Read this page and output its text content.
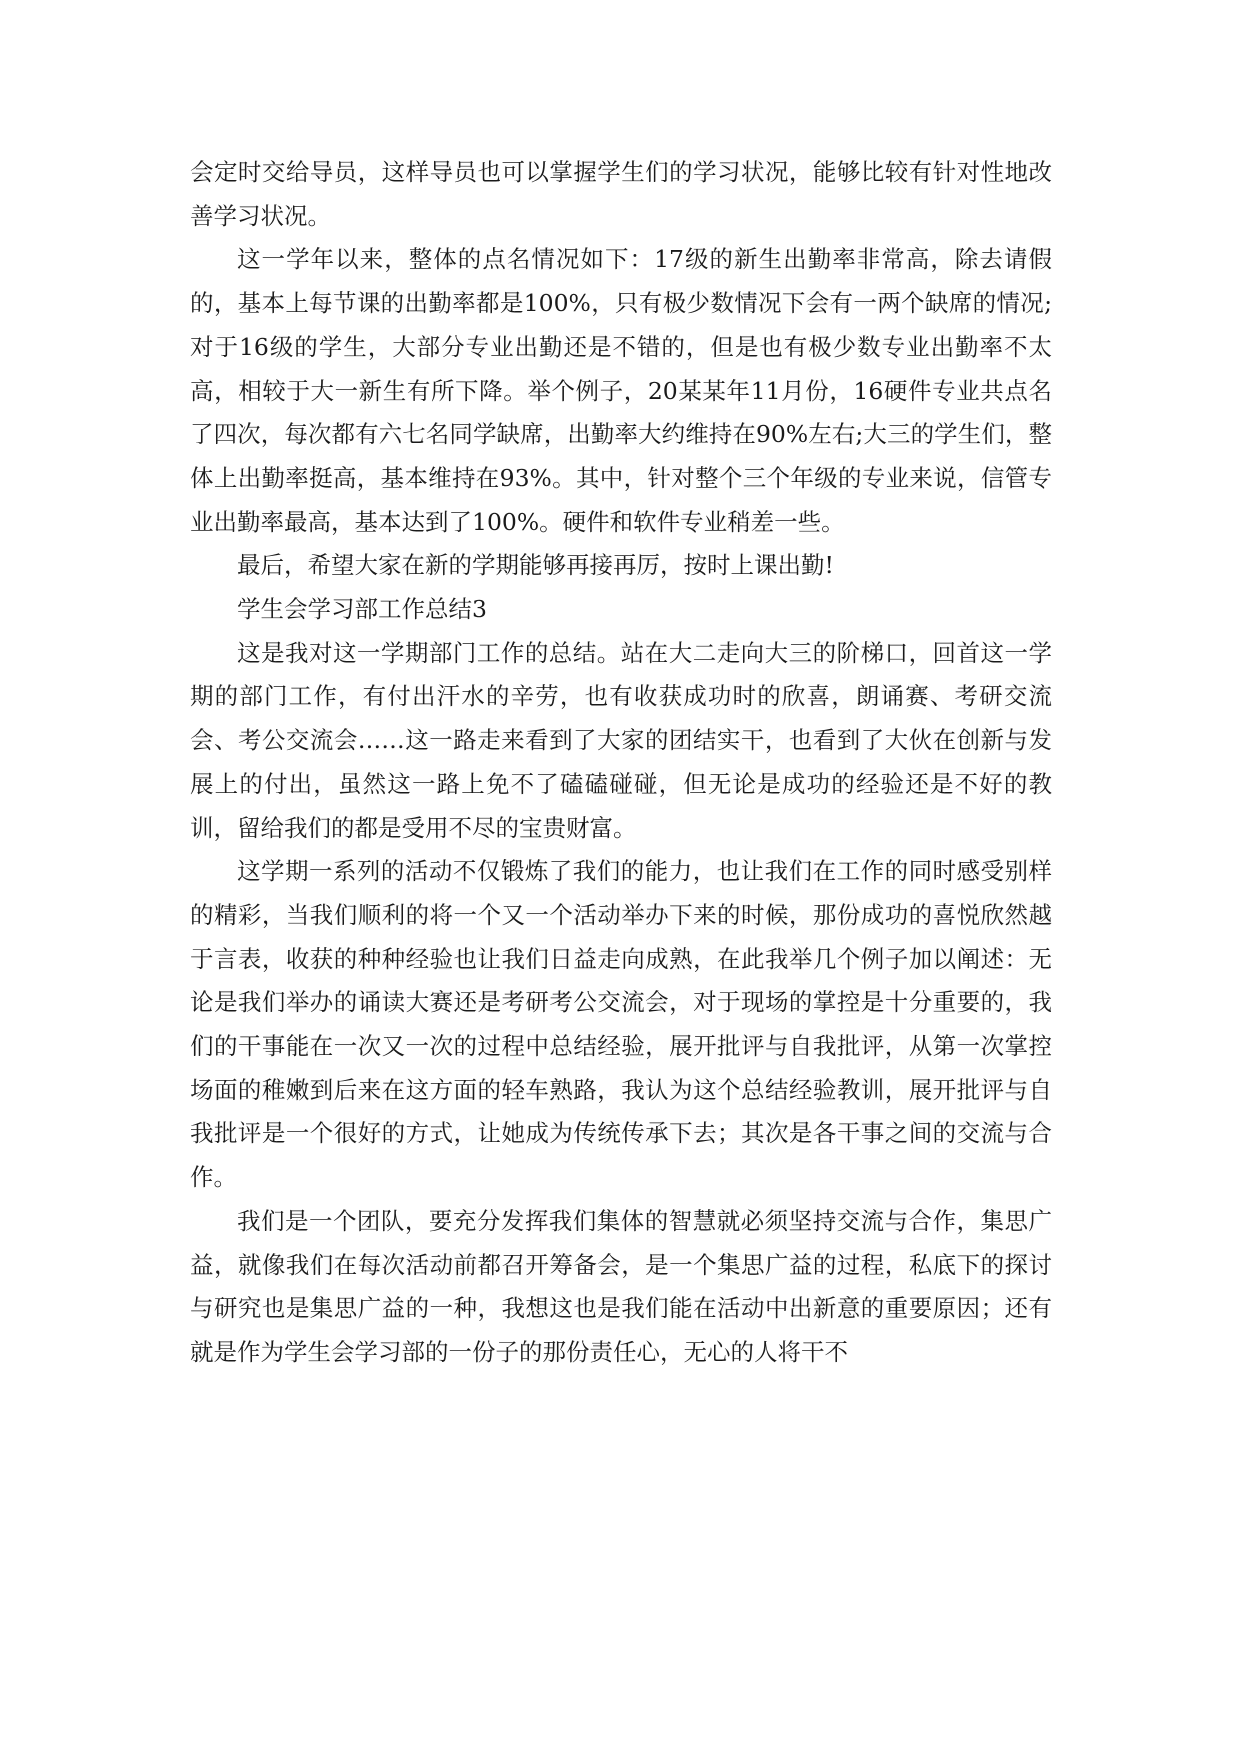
会定时交给导员，这样导员也可以掌握学生们的学习状况，能够比较有针对性地改善学习状况。

这一学年以来，整体的点名情况如下：17级的新生出勤率非常高，除去请假的，基本上每节课的出勤率都是100%，只有极少数情况下会有一两个缺席的情况;对于16级的学生，大部分专业出勤还是不错的，但是也有极少数专业出勤率不太高，相较于大一新生有所下降。举个例子，20某某年11月份，16硬件专业共点名了四次，每次都有六七名同学缺席，出勤率大约维持在90%左右;大三的学生们，整体上出勤率挺高，基本维持在93%。其中，针对整个三个年级的专业来说，信管专业出勤率最高，基本达到了100%。硬件和软件专业稍差一些。

最后，希望大家在新的学期能够再接再厉，按时上课出勤!

学生会学习部工作总结3

这是我对这一学期部门工作的总结。站在大二走向大三的阶梯口，回首这一学期的部门工作，有付出汗水的辛劳，也有收获成功时的欣喜，朗诵赛、考研交流会、考公交流会……这一路走来看到了大家的团结实干，也看到了大伙在创新与发展上的付出，虽然这一路上免不了磕磕碰碰，但无论是成功的经验还是不好的教训，留给我们的都是受用不尽的宝贵财富。

这学期一系列的活动不仅锻炼了我们的能力，也让我们在工作的同时感受别样的精彩，当我们顺利的将一个又一个活动举办下来的时候，那份成功的喜悦欣然越于言表，收获的种种经验也让我们日益走向成熟，在此我举几个例子加以阐述：无论是我们举办的诵读大赛还是考研考公交流会，对于现场的掌控是十分重要的，我们的干事能在一次又一次的过程中总结经验，展开批评与自我批评，从第一次掌控场面的稚嫩到后来在这方面的轻车熟路，我认为这个总结经验教训，展开批评与自我批评是一个很好的方式，让她成为传统传承下去；其次是各干事之间的交流与合作。

我们是一个团队，要充分发挥我们集体的智慧就必须坚持交流与合作，集思广益，就像我们在每次活动前都召开筹备会，是一个集思广益的过程，私底下的探讨与研究也是集思广益的一种，我想这也是我们能在活动中出新意的重要原因；还有就是作为学生会学习部的一份子的那份责任心，无心的人将干不
